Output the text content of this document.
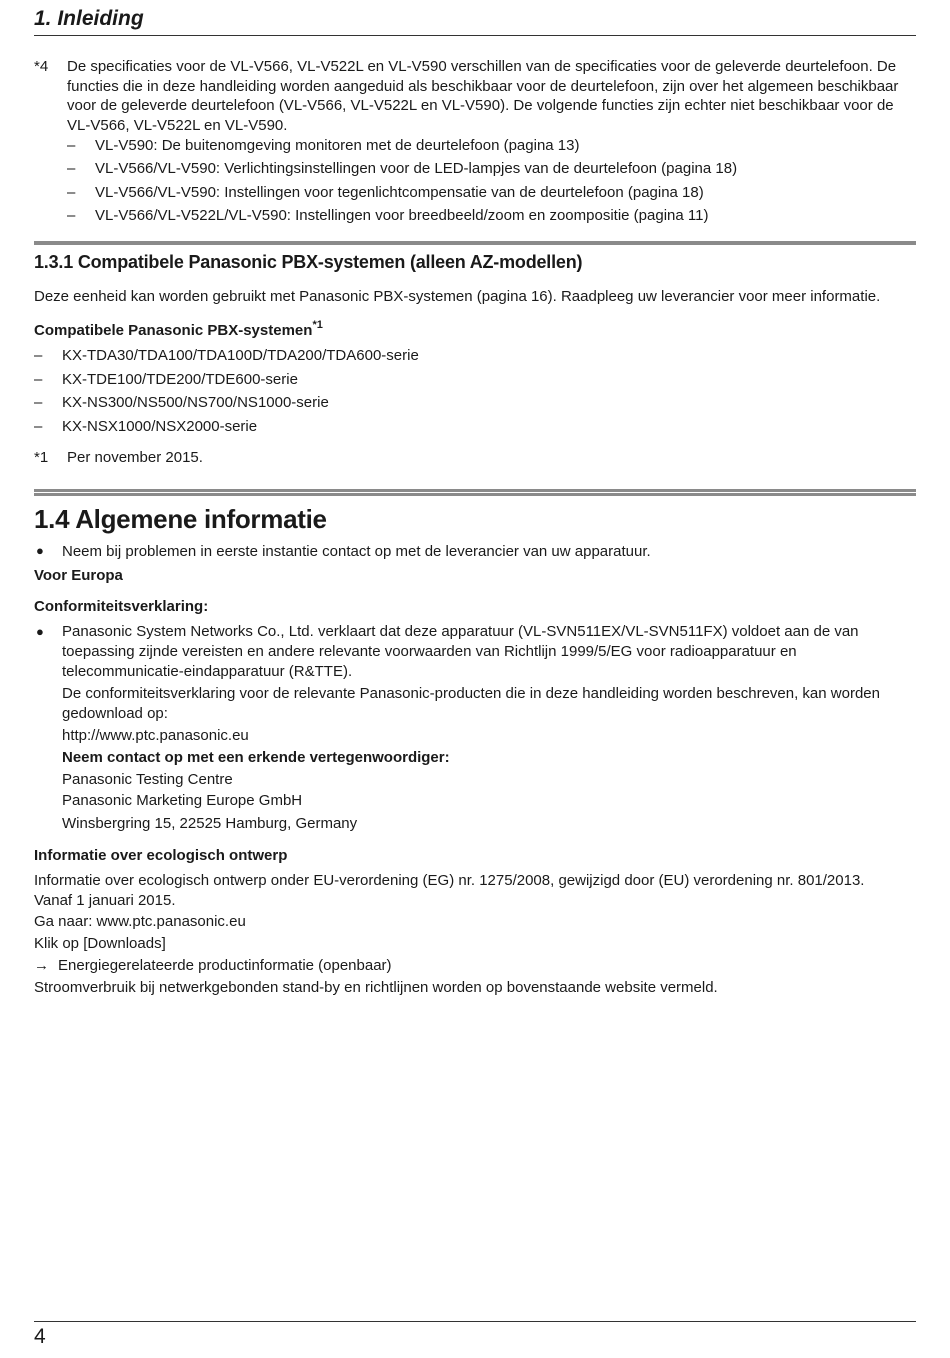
1. Inleiding
*4 De specificaties voor de VL-V566, VL-V522L en VL-V590 verschillen van de specificaties voor de geleverde deurtelefoon. De
functies die in deze handleiding worden aangeduid als beschikbaar voor de deurtelefoon, zijn over het algemeen beschikbaar
voor de geleverde deurtelefoon (VL-V566, VL-V522L en VL-V590). De volgende functies zijn echter niet beschikbaar voor de
VL-V566, VL-V522L en VL-V590.
– VL-V590: De buitenomgeving monitoren met de deurtelefoon (pagina 13)
– VL-V566/VL-V590: Verlichtingsinstellingen voor de LED-lampjes van de deurtelefoon (pagina 18)
– VL-V566/VL-V590: Instellingen voor tegenlichtcompensatie van de deurtelefoon (pagina 18)
– VL-V566/VL-V522L/VL-V590: Instellingen voor breedbeeld/zoom en zoompositie (pagina 11)
1.3.1 Compatibele Panasonic PBX-systemen (alleen AZ-modellen)
Deze eenheid kan worden gebruikt met Panasonic PBX-systemen (pagina 16). Raadpleeg uw leverancier voor meer informatie.
Compatibele Panasonic PBX-systemen$^{*1}$
– KX-TDA30/TDA100/TDA100D/TDA200/TDA600-serie
– KX-TDE100/TDE200/TDE600-serie
– KX-NS300/NS500/NS700/NS1000-serie
– KX-NSX1000/NSX2000-serie
*1 Per november 2015.
1.4 Algemene informatie
● Neem bij problemen in eerste instantie contact op met de leverancier van uw apparatuur.
Voor Europa
Conformiteitsverklaring:
● Panasonic System Networks Co., Ltd. verklaart dat deze apparatuur (VL-SVN511EX/VL-SVN511FX) voldoet aan de van
toepassing zijnde vereisten en andere relevante voorwaarden van Richtlijn 1999/5/EG voor radioapparatuur en
telecommunicatie-eindapparatuur (R&TTE).
De conformiteitsverklaring voor de relevante Panasonic-producten die in deze handleiding worden beschreven, kan worden
gedownload op:
http://www.ptc.panasonic.eu
Neem contact op met een erkende vertegenwoordiger:
Panasonic Testing Centre
Panasonic Marketing Europe GmbH
Winsbergring 15, 22525 Hamburg, Germany
Informatie over ecologisch ontwerp
Informatie over ecologisch ontwerp onder EU-verordening (EG) nr. 1275/2008, gewijzigd door (EU) verordening nr. 801/2013.
Vanaf 1 januari 2015.
Ga naar: www.ptc.panasonic.eu
Klik op [Downloads]
→ Energiegerelateerde productinformatie (openbaar)
Stroomverbruik bij netwerkgebonden stand-by en richtlijnen worden op bovenstaande website vermeld.
4
